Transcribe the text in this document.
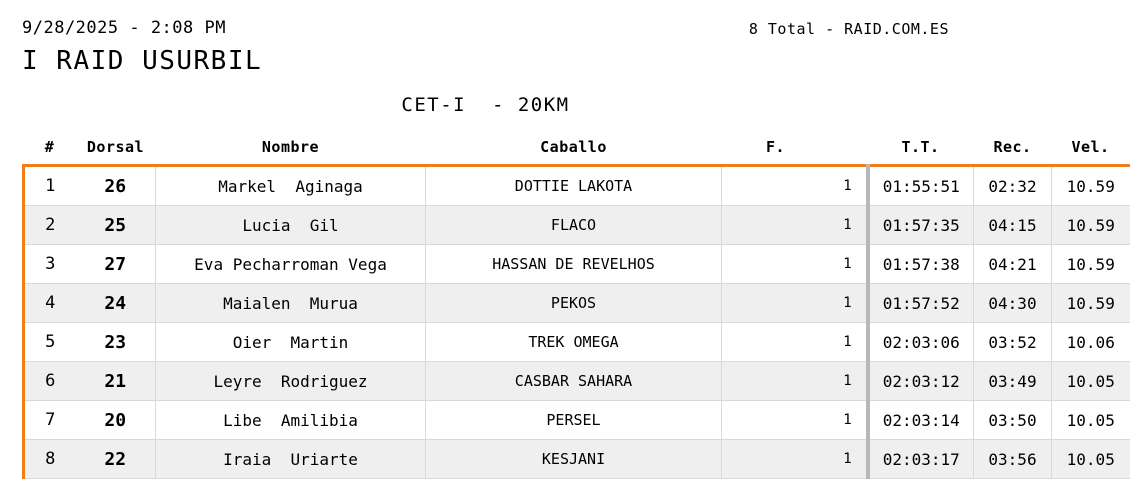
9/28/2025 - 2:08 PM	8 Total - RAID.COM.ES
I RAID USURBIL
CET-I  - 20KM
#	Dorsal	Nombre	Caballo	F.		T.T.	Rec.	Vel.
1	26	Markel  Aginaga	DOTTIE LAKOTA		1	01:55:51	02:32	10.59
2	25	Lucia  Gil	FLACO		1	01:57:35	04:15	10.59
3	27	Eva Pecharroman Vega	HASSAN DE REVELHOS		1	01:57:38	04:21	10.59
4	24	Maialen  Murua	PEKOS		1	01:57:52	04:30	10.59
5	23	Oier  Martin	TREK OMEGA		1	02:03:06	03:52	10.06
6	21	Leyre  Rodriguez	CASBAR SAHARA		1	02:03:12	03:49	10.05
7	20	Libe  Amilibia	PERSEL		1	02:03:14	03:50	10.05
8	22	Iraia  Uriarte	KESJANI		1	02:03:17	03:56	10.05
